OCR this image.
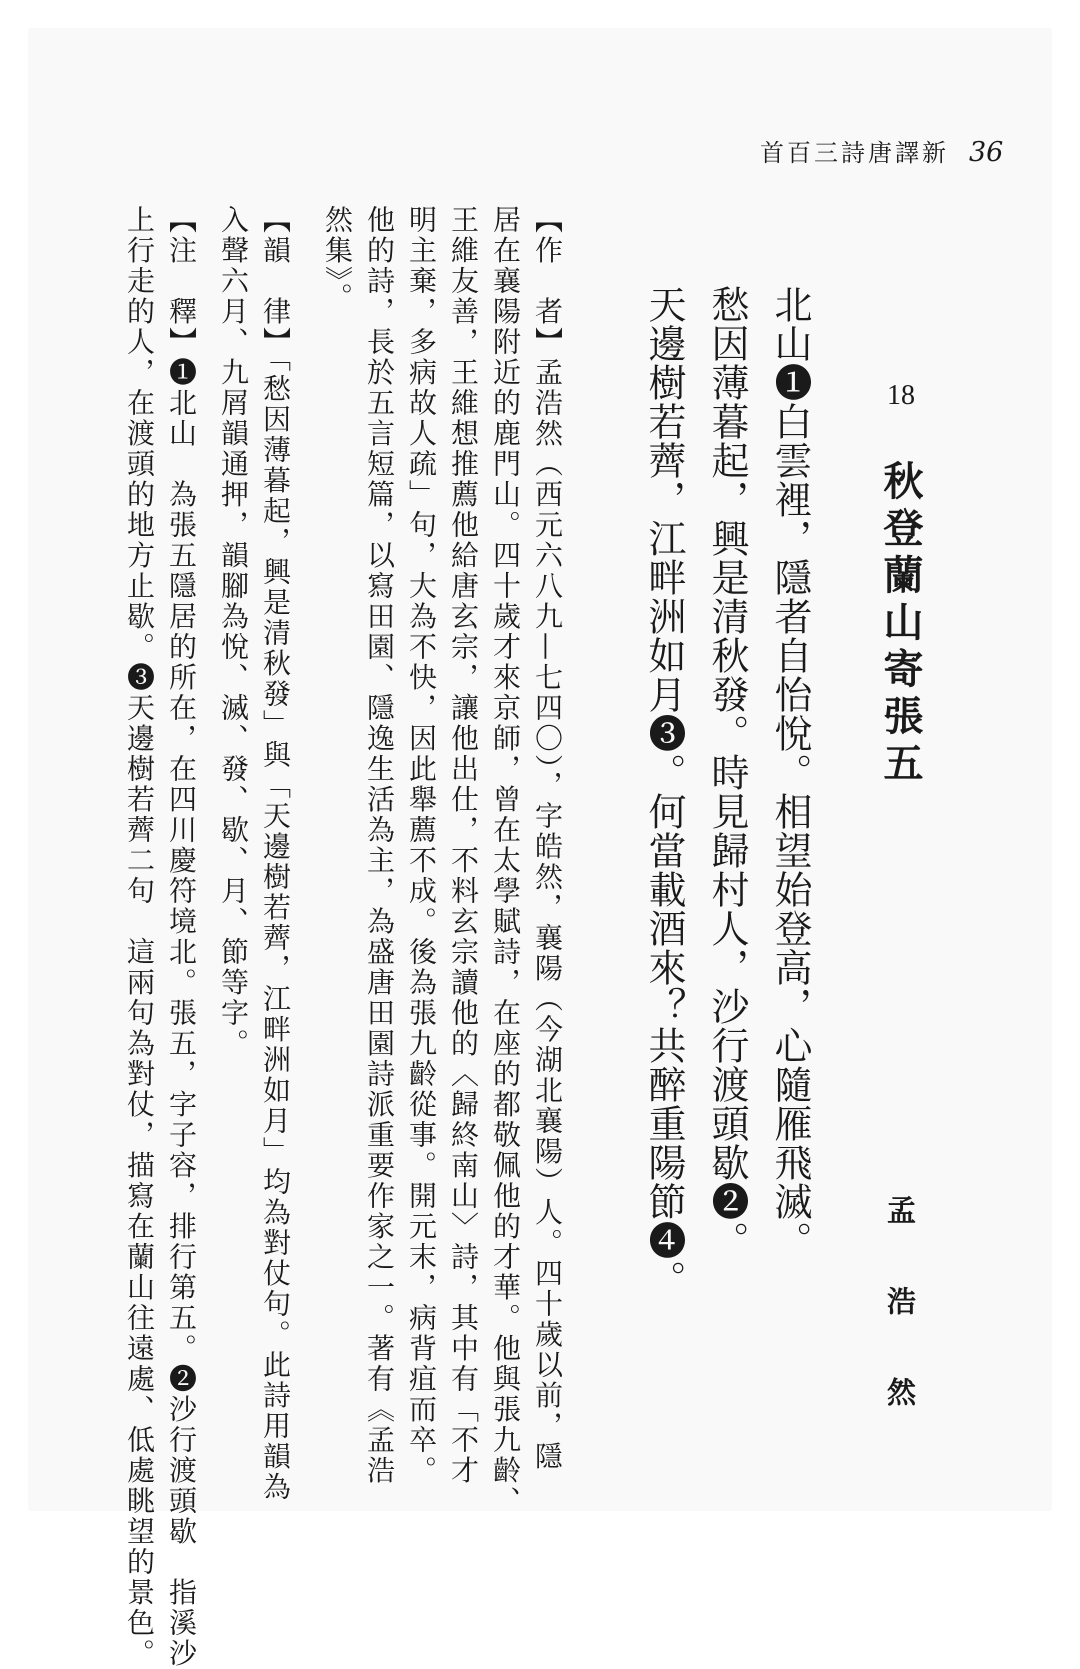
首百三詩唐譯新 36
18
秋登蘭山寄張五
孟 浩 然
北山❶白雲裡，隱者自怡悅。相望始登高，心隨雁飛滅。
愁因薄暮起，興是清秋發。時見歸村人，沙行渡頭歇❷。
天邊樹若薺，江畔洲如月❸。何當載酒來？共醉重陽節❹。
【作　者】孟浩然（西元六八九—七四〇），字皓然，襄陽（今湖北襄陽）人。四十歲以前，隱
居在襄陽附近的鹿門山。四十歲才來京師，曾在太學賦詩，在座的都敬佩他的才華。他與張九齡、
王維友善，王維想推薦他給唐玄宗，讓他出仕，不料玄宗讀他的〈歸終南山〉詩，其中有「不才
明主棄，多病故人疏」句，大為不快，因此舉薦不成。後為張九齡從事。開元末，病背疽而卒。
他的詩，長於五言短篇，以寫田園、隱逸生活為主，為盛唐田園詩派重要作家之一。著有《孟浩
然集》。
【韻　律】「愁因薄暮起，興是清秋發」與「天邊樹若薺，江畔洲如月」均為對仗句。此詩用韻為
入聲六月、九屑韻通押，韻腳為悅、滅、發、歇、月、節等字。
【注　釋】❶北山　為張五隱居的所在，在四川慶符境北。張五，字子容，排行第五。❷沙行渡頭歇　指溪沙
上行走的人，在渡頭的地方止歇。❸天邊樹若薺二句　這兩句為對仗，描寫在蘭山往遠處、低處眺望的景色。
